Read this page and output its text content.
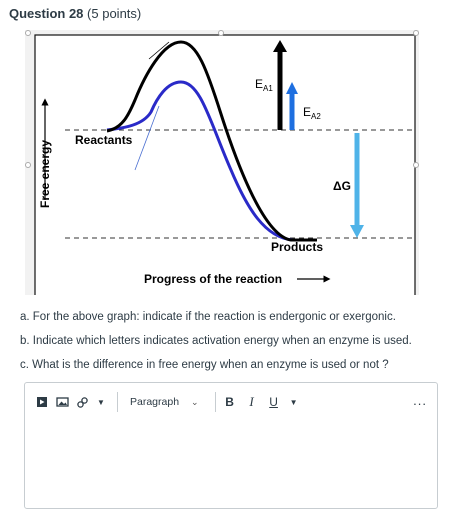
Question 28 (5 points)
Free energy
E A1
E A2
ΔG
Reactants
Products
Progress of the reaction
a. For the above graph: indicate if the reaction is endergonic or exergonic.
b. Indicate which letters indicates activation energy when an enzyme is used.
c. What is the difference in free energy when an enzyme is used or not ?
▼ Paragraph ⌄	B	I	U	▼	...
